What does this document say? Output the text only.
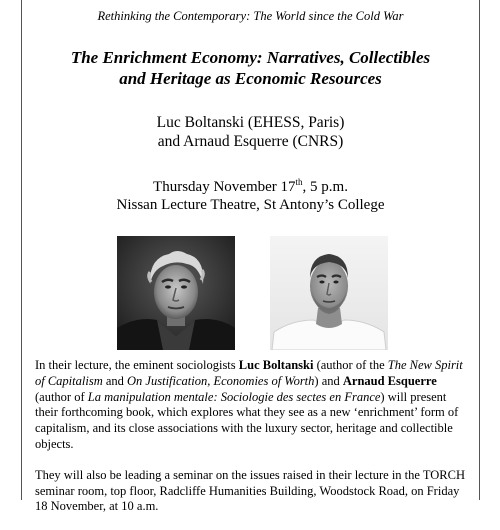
Rethinking the Contemporary: The World since the Cold War
The Enrichment Economy: Narratives, Collectibles
and Heritage as Economic Resources
Luc Boltanski (EHESS, Paris)
and Arnaud Esquerre (CNRS)
Thursday November 17th, 5 p.m.
Nissan Lecture Theatre, St Antony’s College

In their lecture, the eminent sociologists Luc Boltanski (author of the The New Spirit of Capitalism and On Justification, Economies of Worth) and Arnaud Esquerre (author of La manipulation mentale: Sociologie des sectes en France) will present their forthcoming book, which explores what they see as a new ‘enrichment’ form of capitalism, and its close associations with the luxury sector, heritage and collectible objects.

They will also be leading a seminar on the issues raised in their lecture in the TORCH seminar room, top floor, Radcliffe Humanities Building, Woodstock Road, on Friday 18 November, at 10 a.m.
